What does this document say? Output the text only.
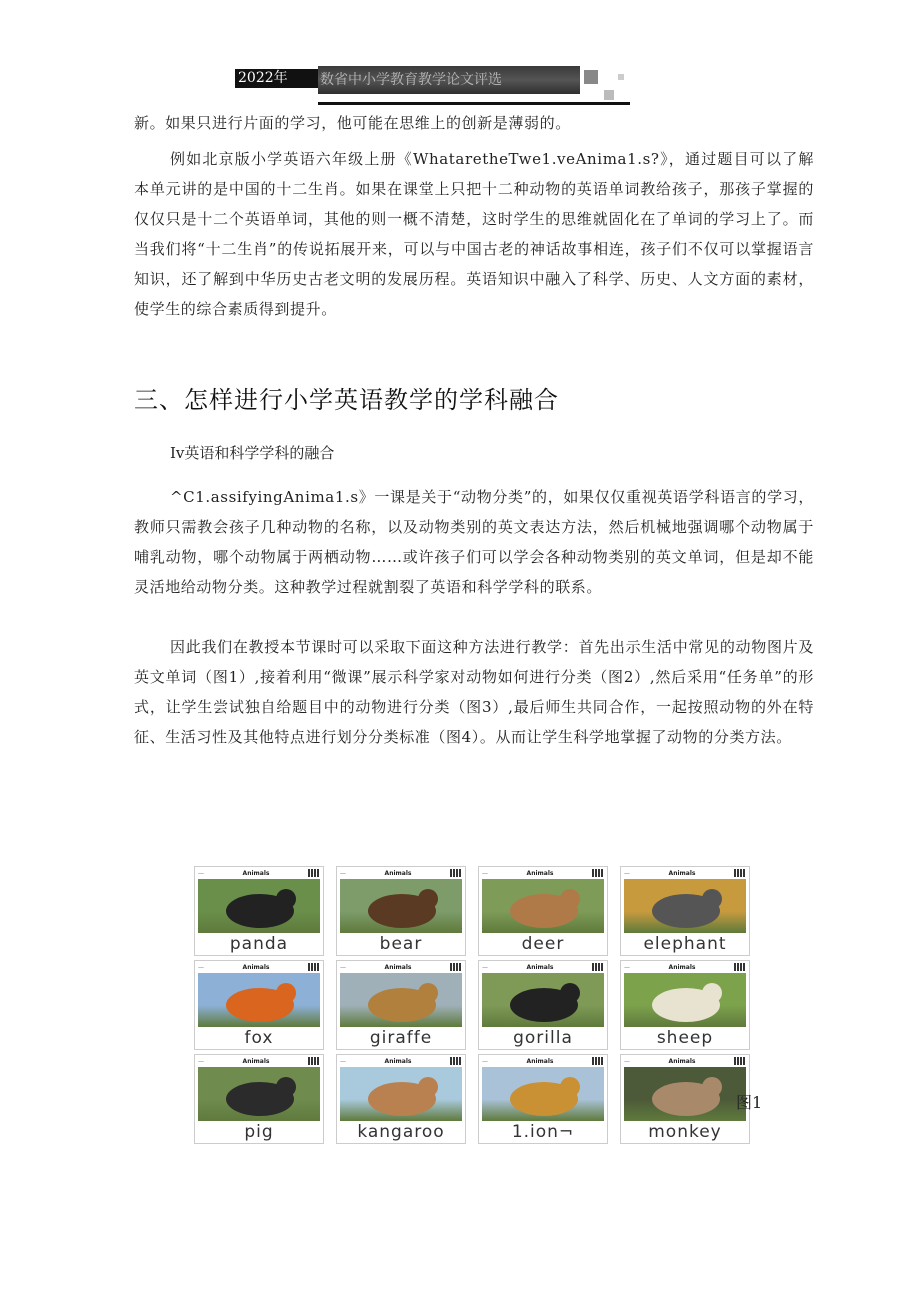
2022年	数省中小学教育教学论文评选

新。如果只进行片面的学习，他可能在思维上的创新是薄弱的。

例如北京版小学英语六年级上册《WhataretheTwe1.veAnima1.s?》，通过题目可以了解本单元讲的是中国的十二生肖。如果在课堂上只把十二种动物的英语单词教给孩子，那孩子掌握的仅仅只是十二个英语单词，其他的则一概不清楚，这时学生的思维就固化在了单词的学习上了。而当我们将“十二生肖”的传说拓展开来，可以与中国古老的神话故事相连，孩子们不仅可以掌握语言知识，还了解到中华历史古老文明的发展历程。英语知识中融入了科学、历史、人文方面的素材，使学生的综合素质得到提升。

三、怎样进行小学英语教学的学科融合
Iv英语和科学学科的融合

^C1.assifyingAnima1.s》一课是关于“动物分类”的，如果仅仅重视英语学科语言的学习，教师只需教会孩子几种动物的名称，以及动物类别的英文表达方法，然后机械地强调哪个动物属于哺乳动物，哪个动物属于两栖动物……或许孩子们可以学会各种动物类别的英文单词，但是却不能灵活地给动物分类。这种教学过程就割裂了英语和科学学科的联系。

因此我们在教授本节课时可以采取下面这种方法进行教学：首先出示生活中常见的动物图片及英文单词（图1）,接着利用“微课”展示科学家对动物如何进行分类（图2）,然后采用“任务单”的形式，让学生尝试独自给题目中的动物进行分类（图3）,最后师生共同合作，一起按照动物的外在特征、生活习性及其他特点进行划分分类标准（图4）。从而让学生科学地掌握了动物的分类方法。

—	Animals
panda
—	Animals
bear
—	Animals
deer
—	Animals
elephant
—	Animals
fox
—	Animals
giraffe
—	Animals
gorilla
—	Animals
sheep
—	Animals
pig
—	Animals
kangaroo
—	Animals
1.ion¬
—	Animals
monkey
图1
